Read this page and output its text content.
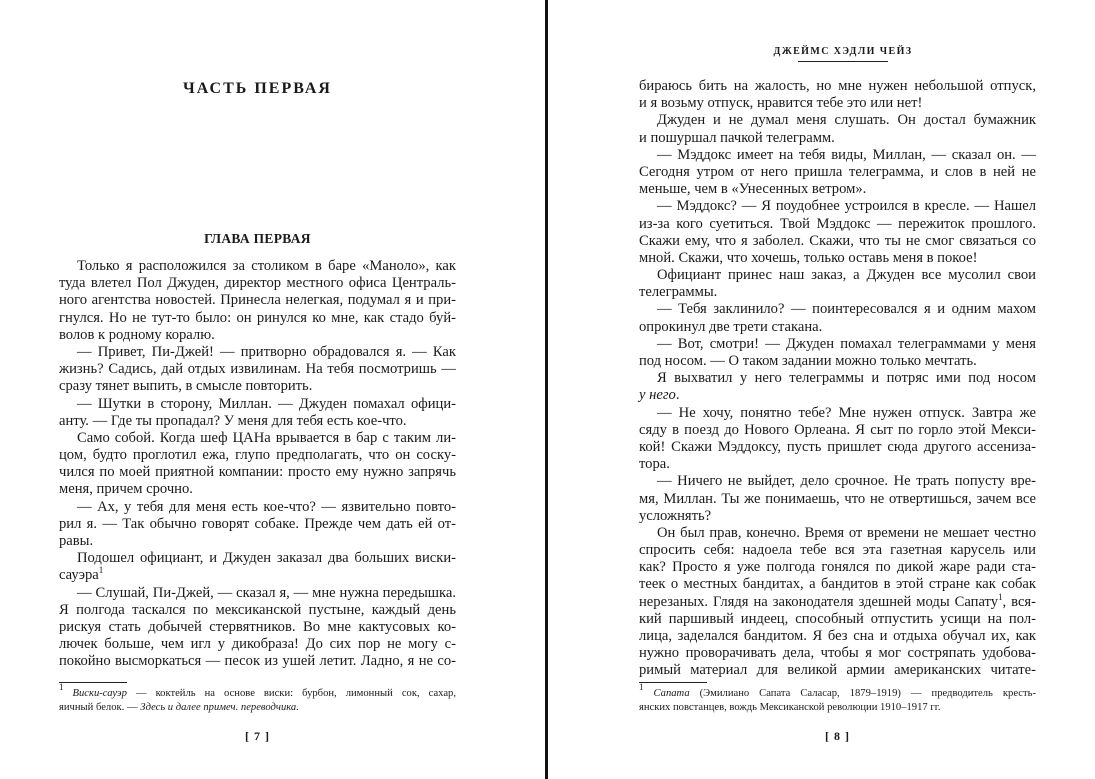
ЧАСТЬ ПЕРВАЯ
ГЛАВА ПЕРВАЯ
Только я расположился за столиком в баре «Маноло», как
туда влетел Пол Джуден, директор местного офиса Централь-
ного агентства новостей. Принесла нелегкая, подумал я и при-
гнулся. Но не тут-то было: он ринулся ко мне, как стадо буй-
волов к родному коралю.
— Привет, Пи-Джей! — притворно обрадовался я. — Как
жизнь? Садись, дай отдых извилинам. На тебя посмотришь —
сразу тянет выпить, в смысле повторить.
— Шутки в сторону, Миллан. — Джуден помахал офици-
анту. — Где ты пропадал? У меня для тебя есть кое-что.
Само собой. Когда шеф ЦАНа врывается в бар с таким ли-
цом, будто проглотил ежа, глупо предполагать, что он соску-
чился по моей приятной компании: просто ему нужно запрячь
меня, причем срочно.
— Ах, у тебя для меня есть кое-что? — язвительно повто-
рил я. — Так обычно говорят собаке. Прежде чем дать ей от-
равы.
Подошел официант, и Джуден заказал два больших виски-
сауэра$^1$
— Слушай, Пи-Джей, — сказал я, — мне нужна передышка.
Я полгода таскался по мексиканской пустыне, каждый день
рискуя стать добычей стервятников. Во мне кактусовых ко-
лючек больше, чем игл у дикобраза! До сих пор не могу с-
покойно высморкаться — песок из ушей летит. Ладно, я не со-
$^1$ Виски-сауэр — коктейль на основе виски: бурбон, лимонный сок, сахар,
яичный белок. — Здесь и далее примеч. переводчика.
[ 7 ]
ДЖЕЙМС ХЭДЛИ ЧЕЙЗ
бираюсь бить на жалость, но мне нужен небольшой отпуск,
и я возьму отпуск, нравится тебе это или нет!
Джуден и не думал меня слушать. Он достал бумажник
и пошуршал пачкой телеграмм.
— Мэддокс имеет на тебя виды, Миллан, — сказал он. —
Сегодня утром от него пришла телеграмма, и слов в ней не
меньше, чем в «Унесенных ветром».
— Мэддокс? — Я поудобнее устроился в кресле. — Нашел
из-за кого суетиться. Твой Мэддокс — пережиток прошлого.
Скажи ему, что я заболел. Скажи, что ты не смог связаться со
мной. Скажи, что хочешь, только оставь меня в покое!
Официант принес наш заказ, а Джуден все мусолил свои
телеграммы.
— Тебя заклинило? — поинтересовался я и одним махом
опрокинул две трети стакана.
— Вот, смотри! — Джуден помахал телеграммами у меня
под носом. — О таком задании можно только мечтать.
Я выхватил у него телеграммы и потряс ими под носом
у него.
— Не хочу, понятно тебе? Мне нужен отпуск. Завтра же
сяду в поезд до Нового Орлеана. Я сыт по горло этой Мекси-
кой! Скажи Мэддоксу, пусть пришлет сюда другого ассениза-
тора.
— Ничего не выйдет, дело срочное. Не трать попусту вре-
мя, Миллан. Ты же понимаешь, что не отвертишься, зачем все
усложнять?
Он был прав, конечно. Время от времени не мешает честно
спросить себя: надоела тебе вся эта газетная карусель или
как? Просто я уже полгода гонялся по дикой жаре ради ста-
теек о местных бандитах, а бандитов в этой стране как собак
нерезаных. Глядя на законодателя здешней моды Сапату$^1$, вся-
кий паршивый индеец, способный отпустить усищи на пол-
лица, заделался бандитом. Я без сна и отдыха обучал их, как
нужно проворачивать дела, чтобы я мог состряпать удобова-
римый материал для великой армии американских читате-
$^1$ Сапата (Эмилиано Сапата Саласар, 1879–1919) — предводитель кресть-
янских повстанцев, вождь Мексиканской революции 1910–1917 гг.
[ 8 ]
